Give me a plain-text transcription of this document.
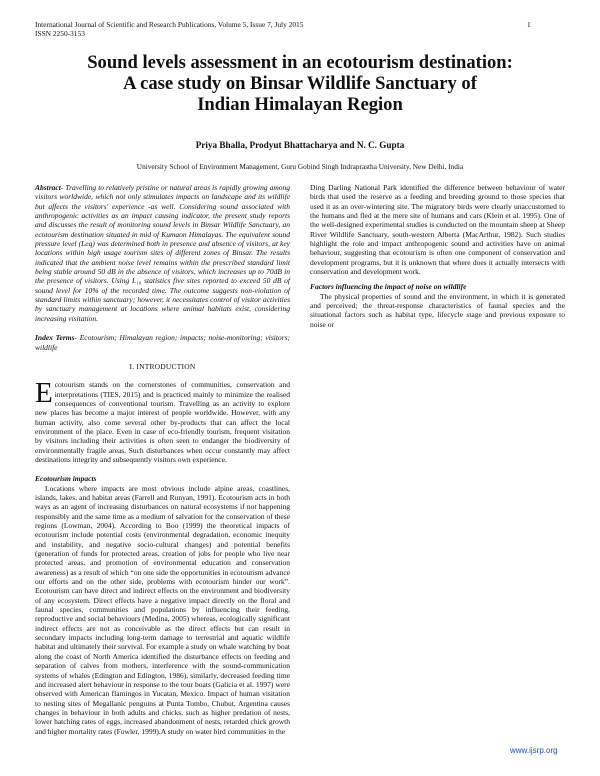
International Journal of Scientific and Research Publications, Volume 5, Issue 7, July 2015
ISSN 2250-3153
1
Sound levels assessment in an ecotourism destination:
A case study on Binsar Wildlife Sanctuary of
Indian Himalayan Region
Priya Bhalla, Prodyut Bhattacharya and N. C. Gupta
University School of Environment Management, Guru Gobind Singh Indraprastha University, New Delhi, India

Abstract- Travelling to relatively pristine or natural areas is rapidly growing among visitors worldwide, which not only stimulates impacts on landscape and its wildlife but affects the visitors' experience -as well. Considering sound associated with anthropogenic activities as an impact causing indicator, the present study reports and discusses the result of monitoring sound levels in Binsar Wildlife Sanctuary, an ecotourism destination situated in mid of Kumaon Himalayas. The equivalent sound pressure level (Leq) was determined both in presence and absence of visitors, at key locations within high usage tourism sites of different zones of Binsar. The results indicated that the ambient noise level remains within the prescribed standard limit being stable around 50 dB in the absence of visitors, which increases up to 70dB in the presence of visitors. Using L₁₀ statistics five sites reported to exceed 50 dB of sound level for 10% of the recorded time. The outcome suggests non-violation of standard limits within sanctuary; however, it necessitates control of visitor activities by sanctuary management at locations where animal habitats exist, considering increasing visitation.

Index Terms- Ecotourism; Himalayan region; impacts; noise-monitoring; visitors; wildlife

I. INTRODUCTION

Ecotourism stands on the cornerstones of communities, conservation and interpretations (TIES, 2015) and is practiced mainly to minimize the realised consequences of conventional tourism. Travelling as an activity to explore new places has become a major interest of people worldwide. However, with any human activity, also come several other by-products that can affect the local environment of the place. Even in case of eco-friendly tourism, frequent visitation by visitors including their activities is often seen to endanger the biodiversity of environmentally fragile areas. Such disturbances when occur constantly may affect destinations integrity and subsequently visitors own experience.

Ecotourism impacts

Locations where impacts are most obvious include alpine areas, coastlines, islands, lakes, and habitat areas (Farrell and Runyan, 1991). Ecotourism acts in both ways as an agent of increasing disturbances on natural ecosystems if not happening responsibly and the same time as a medium of salvation for the conservation of these regions (Lowman, 2004). According to Boo (1999) the theoretical impacts of ecotourism include potential costs (environmental degradation, economic inequity and instability, and negative socio-cultural changes) and potential benefits (generation of funds for protected areas, creation of jobs for people who live near protected areas, and promotion of environmental education and conservation awareness) as a result of which “on one side the opportunities in ecotourism advance our efforts and on the other side, problems with ecotourism hinder our work”. Ecotourism can have direct and indirect effects on the environment and biodiversity of any ecosystem. Direct effects have a negative impact directly on the floral and faunal species, communities and populations by influencing their feeding, reproductive and social behaviours (Medina, 2005) whereas, ecologically significant indirect effects are not as conceivable as the direct effects but can result in secondary impacts including long-term damage to terrestrial and aquatic wildlife habitat and ultimately their survival. For example a study on whale watching by boat along the coast of North America identified the disturbance effects on feeding and separation of calves from mothers, interference with the sound-communication systems of whales (Edington and Edington, 1986), similarly, decreased feeding time and increased alert behaviour in response to the tour boats (Galicia et al. 1997) were observed with American flamingos in Yucatan, Mexico. Impact of human visitation to nesting sites of Megallanic penguins at Punta Tombo, Chubut, Argentina causes changes in behaviour in both adults and chicks, such as higher predation of nests, lower hatching rates of eggs, increased abandonment of nests, retarded chick growth and higher mortality rates (Fowler, 1999).A study on water bird communities in the

Ding Darling National Park identified the difference between behaviour of water birds that used the reserve as a feeding and breeding ground to those species that used it as an over-wintering site. The migratory birds were clearly unaccustomed to the humans and fled at the mere site of humans and cars (Klein et al. 1995). One of the well-designed experimental studies is conducted on the mountain sheep at Sheep River Wildlife Sanctuary, south-western Alberta (MacArthur, 1982). Such studies highlight the role and impact anthropogenic sound and activities have on animal behaviour, suggesting that ecotourism is often one component of conservation and development programs, but it is unknown that where does it actually intersects with conservation and development work.

Factors influencing the impact of noise on wildlife

The physical properties of sound and the environment, in which it is generated and perceived; the threat-response characteristics of faunal species and the situational factors such as habitat type, lifecycle stage and previous exposure to noise or

www.ijsrp.org
